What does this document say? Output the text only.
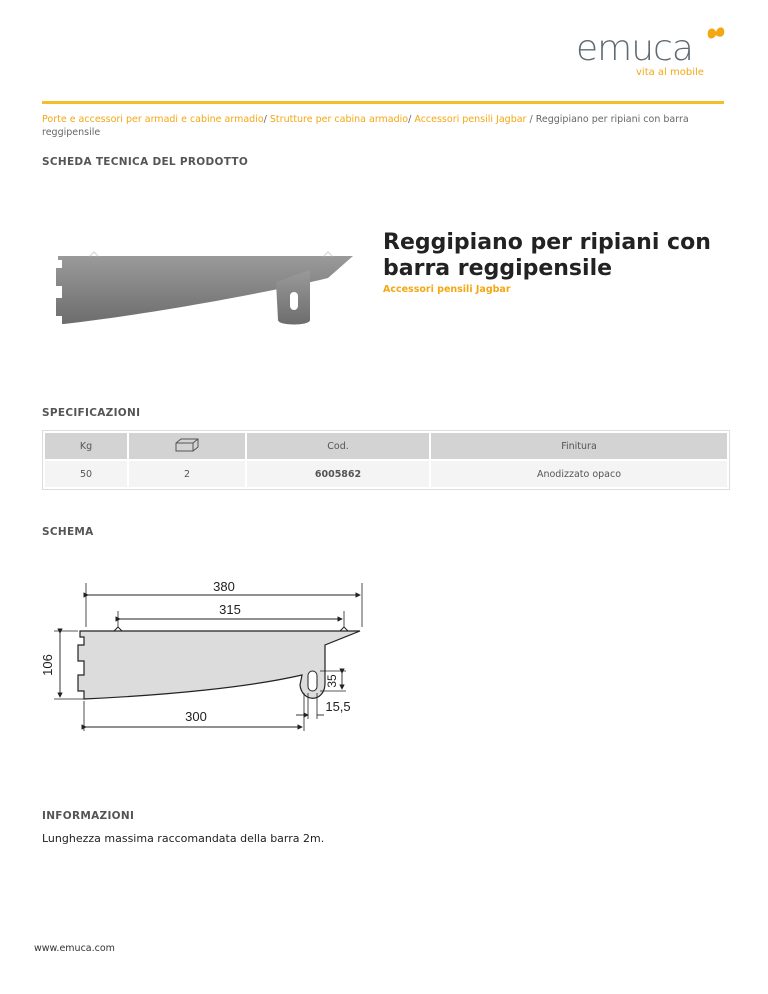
emuca
vita al mobile
Porte e accessori per armadi e cabine armadio/ Strutture per cabina armadio/ Accessori pensili Jagbar / Reggipiano per ripiani con barra reggipensile
SCHEDA TECNICA DEL PRODOTTO
Reggipiano per ripiani con barra reggipensile
Accessori pensili Jagbar
SPECIFICAZIONI
Kg		Cod.	Finitura
50	2	6005862	Anodizzato opaco
SCHEMA
380
315
106
300
35
15,5
INFORMAZIONI
Lunghezza massima raccomandata della barra 2m.
www.emuca.com
